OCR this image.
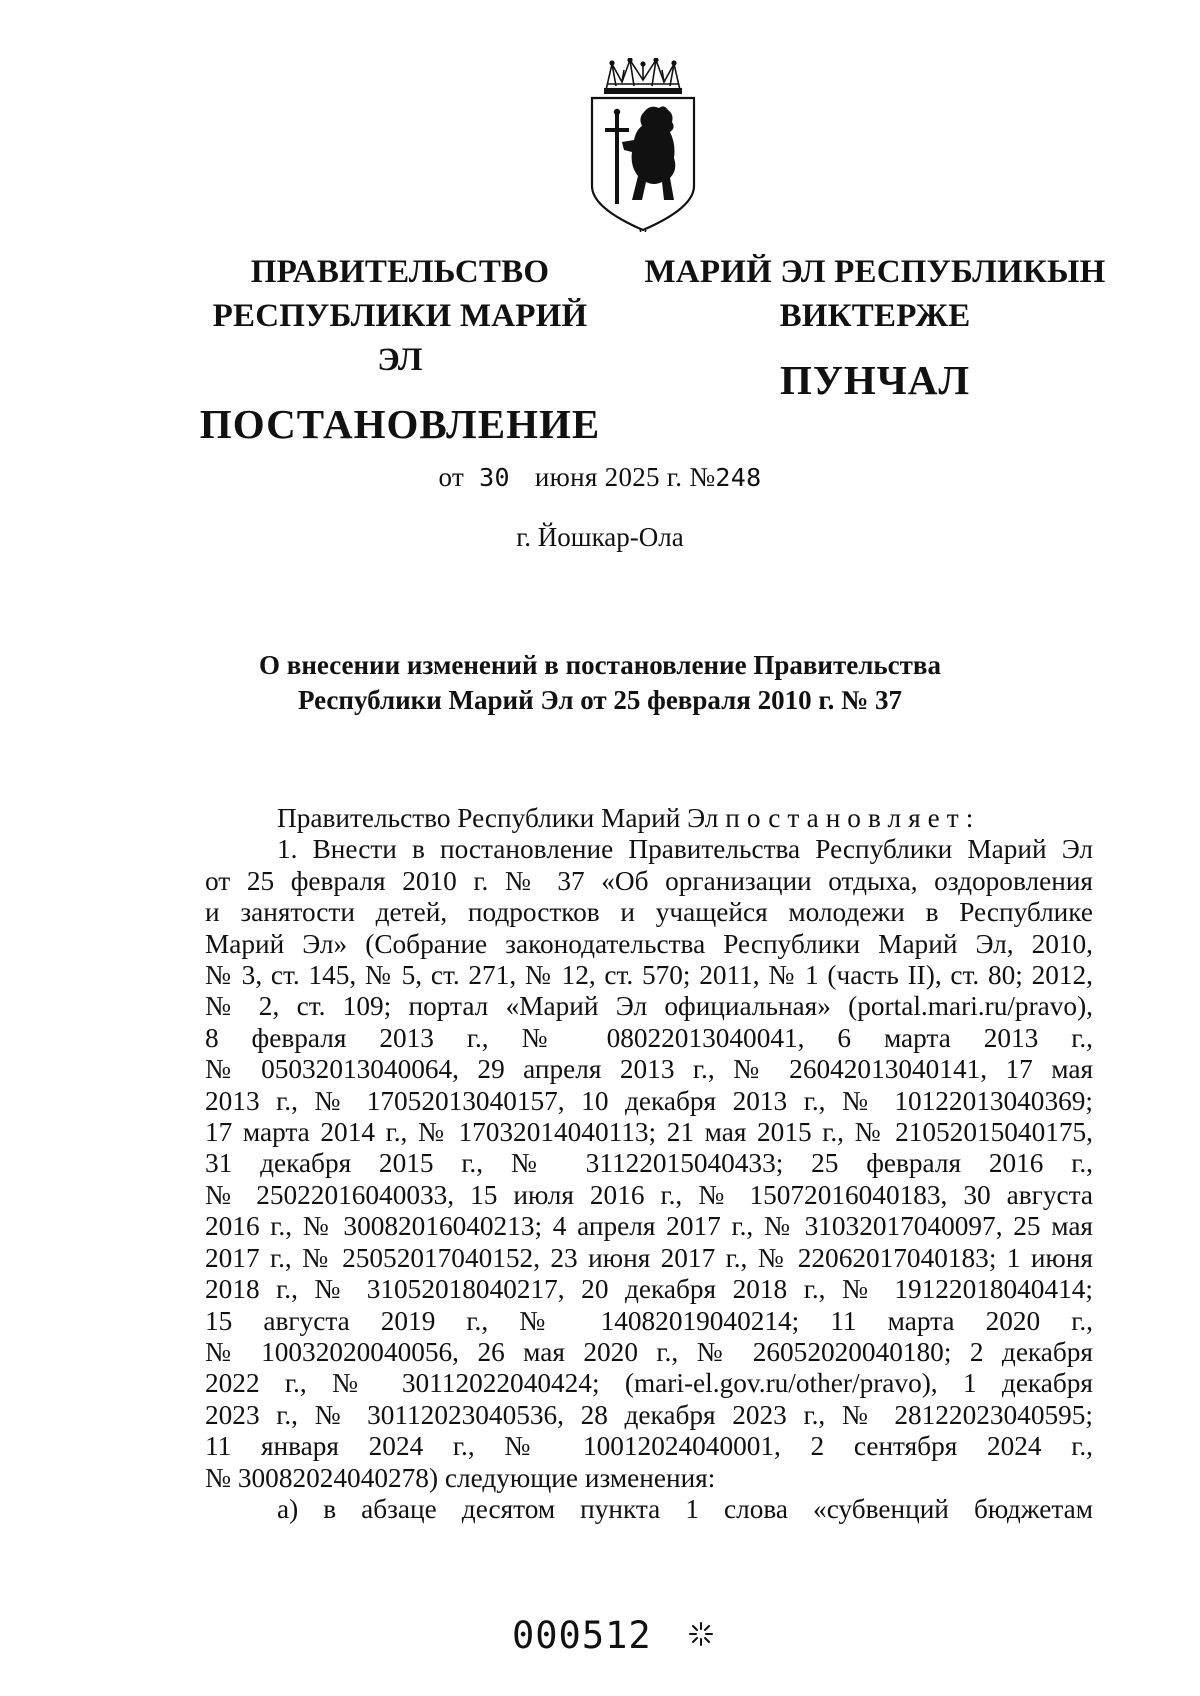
ПРАВИТЕЛЬСТВО
РЕСПУБЛИКИ МАРИЙ ЭЛ
ПОСТАНОВЛЕНИЕ
МАРИЙ ЭЛ РЕСПУБЛИКЫН
ВИКТЕРЖЕ
ПУНЧАЛ
от 30 июня 2025 г. №248
г. Йошкар-Ола
О внесении изменений в постановление Правительства
Республики Марий Эл от 25 февраля 2010 г. № 37

Правительство Республики Марий Эл постановляет:

1. Внести в постановление Правительства Республики Марий Эл

от 25 февраля 2010 г. № 37 «Об организации отдыха, оздоровления

и занятости детей, подростков и учащейся молодежи в Республике

Марий Эл» (Собрание законодательства Республики Марий Эл, 2010,

№ 3, ст. 145, № 5, ст. 271, № 12, ст. 570; 2011, № 1 (часть II), ст. 80; 2012,

№ 2, ст. 109; портал «Марий Эл официальная» (portal.mari.ru/pravo),

8 февраля 2013 г., № 08022013040041, 6 марта 2013 г.,

№ 05032013040064, 29 апреля 2013 г., № 26042013040141, 17 мая

2013 г., № 17052013040157, 10 декабря 2013 г., № 10122013040369;

17 марта 2014 г., № 17032014040113; 21 мая 2015 г., № 21052015040175,

31 декабря 2015 г., № 31122015040433; 25 февраля 2016 г.,

№ 25022016040033, 15 июля 2016 г., № 15072016040183, 30 августа

2016 г., № 30082016040213; 4 апреля 2017 г., № 31032017040097, 25 мая

2017 г., № 25052017040152, 23 июня 2017 г., № 22062017040183; 1 июня

2018 г., № 31052018040217, 20 декабря 2018 г., № 19122018040414;

15 августа 2019 г., № 14082019040214; 11 марта 2020 г.,

№ 10032020040056, 26 мая 2020 г., № 26052020040180; 2 декабря

2022 г., № 30112022040424; (mari-el.gov.ru/other/pravo), 1 декабря

2023 г., № 30112023040536, 28 декабря 2023 г., № 28122023040595;

11 января 2024 г., № 10012024040001, 2 сентября 2024 г.,

№ 30082024040278) следующие изменения:

а) в абзаце десятом пункта 1 слова «субвенций бюджетам

000512
